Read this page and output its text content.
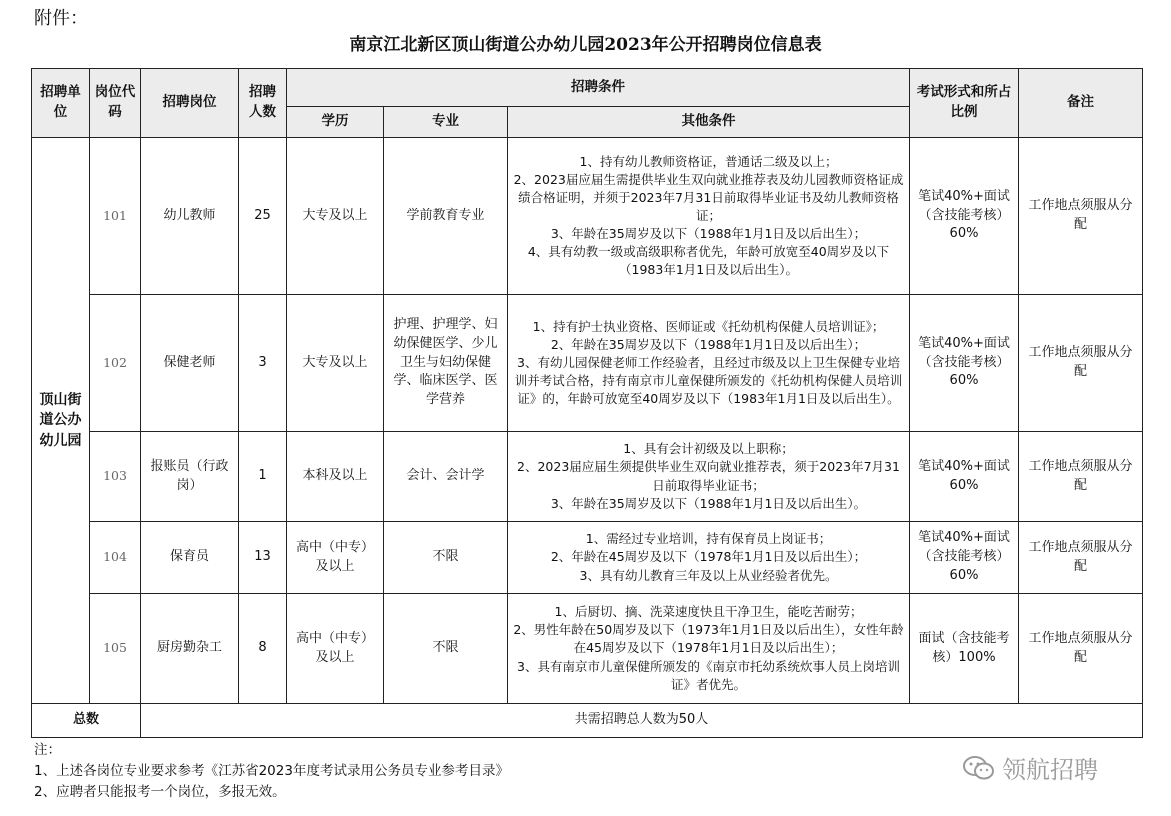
附件：
南京江北新区顶山街道公办幼儿园2023年公开招聘岗位信息表
招聘单位	岗位代码	招聘岗位	招聘人数	招聘条件			考试形式和所占比例	备注
				学历	专业	其他条件		
顶山街道公办幼儿园	101	幼儿教师	25	大专及以上	学前教育专业	1、持有幼儿教师资格证，普通话二级及以上；
2、2023届应届生需提供毕业生双向就业推荐表及幼儿园教师资格证成绩合格证明，并须于2023年7月31日前取得毕业证书及幼儿教师资格证；
3、年龄在35周岁及以下（1988年1月1日及以后出生）；
4、具有幼教一级或高级职称者优先，年龄可放宽至40周岁及以下（1983年1月1日及以后出生）。	笔试40%+面试（含技能考核）60%	工作地点须服从分配
	102	保健老师	3	大专及以上	护理、护理学、妇幼保健医学、少儿卫生与妇幼保健学、临床医学、医学营养	1、持有护士执业资格、医师证或《托幼机构保健人员培训证》；
2、年龄在35周岁及以下（1988年1月1日及以后出生）；
3、有幼儿园保健老师工作经验者，且经过市级及以上卫生保健专业培训并考试合格，持有南京市儿童保健所颁发的《托幼机构保健人员培训证》的，年龄可放宽至40周岁及以下（1983年1月1日及以后出生）。	笔试40%+面试（含技能考核）60%	工作地点须服从分配
	103	报账员（行政岗）	1	本科及以上	会计、会计学	1、具有会计初级及以上职称；
2、2023届应届生须提供毕业生双向就业推荐表，须于2023年7月31日前取得毕业证书；
3、年龄在35周岁及以下（1988年1月1日及以后出生）。	笔试40%+面试60%	工作地点须服从分配
	104	保育员	13	高中（中专）及以上	不限	1、需经过专业培训，持有保育员上岗证书；
2、年龄在45周岁及以下（1978年1月1日及以后出生）；
3、具有幼儿教育三年及以上从业经验者优先。	笔试40%+面试（含技能考核）60%	工作地点须服从分配
	105	厨房勤杂工	8	高中（中专）及以上	不限	1、后厨切、摘、洗菜速度快且干净卫生，能吃苦耐劳；
2、男性年龄在50周岁及以下（1973年1月1日及以后出生），女性年龄在45周岁及以下（1978年1月1日及以后出生）；
3、具有南京市儿童保健所颁发的《南京市托幼系统炊事人员上岗培训证》者优先。	面试（含技能考核）100%	工作地点须服从分配
总数		共需招聘总人数为50人						
注：
1、上述各岗位专业要求参考《江苏省2023年度考试录用公务员专业参考目录》
2、应聘者只能报考一个岗位，多报无效。
领航招聘
